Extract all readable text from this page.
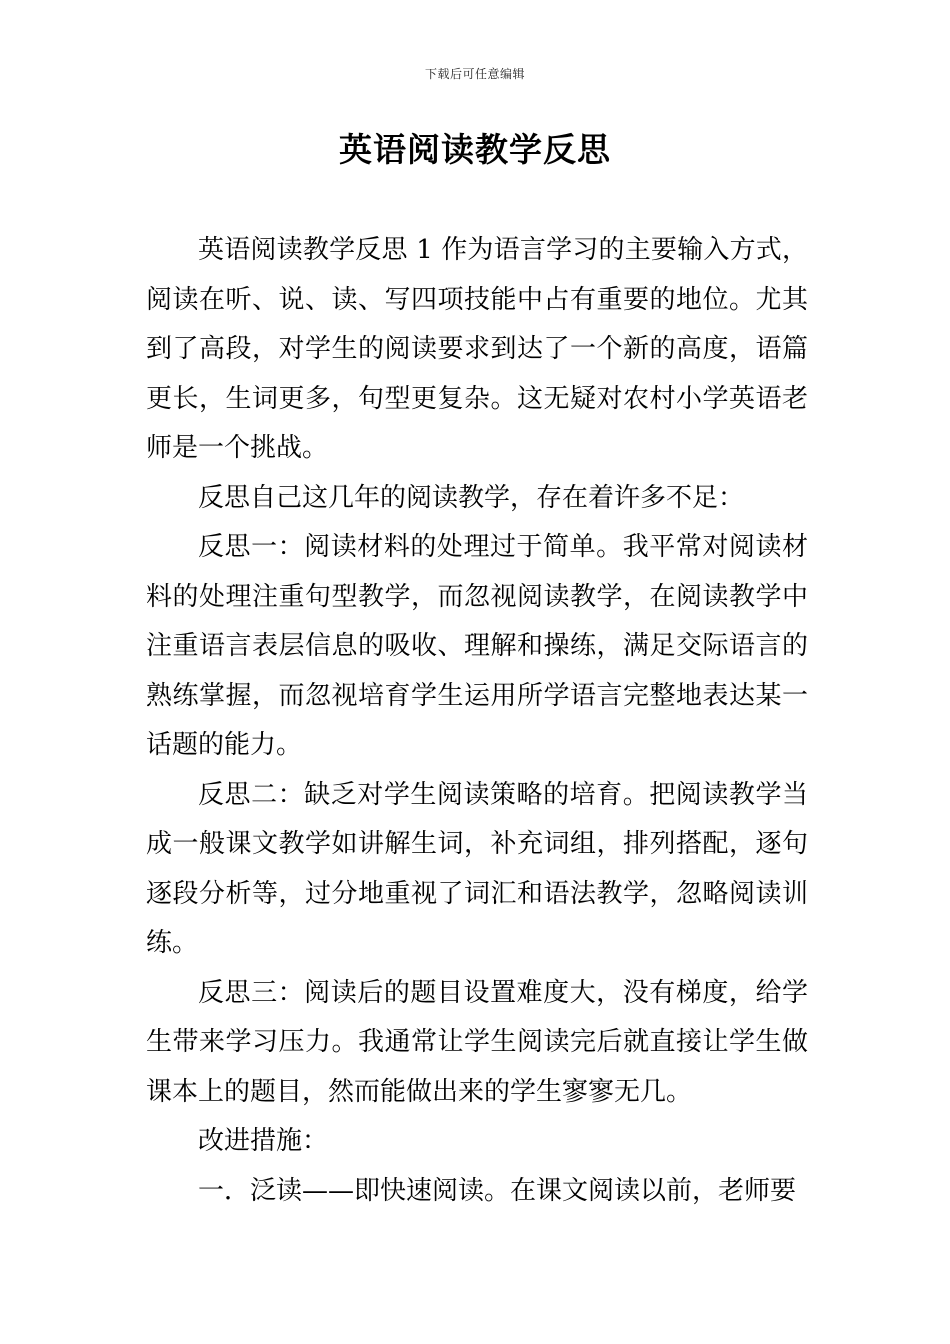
下载后可任意编辑
英语阅读教学反思

英语阅读教学反思 1 作为语言学习的主要输入方式，阅读在听、说、读、写四项技能中占有重要的地位。尤其到了高段，对学生的阅读要求到达了一个新的高度，语篇更长，生词更多，句型更复杂。这无疑对农村小学英语老师是一个挑战。

反思自己这几年的阅读教学，存在着许多不足：

反思一：阅读材料的处理过于简单。我平常对阅读材料的处理注重句型教学，而忽视阅读教学，在阅读教学中注重语言表层信息的吸收、理解和操练，满足交际语言的熟练掌握，而忽视培育学生运用所学语言完整地表达某一话题的能力。

反思二：缺乏对学生阅读策略的培育。把阅读教学当成一般课文教学如讲解生词，补充词组，排列搭配，逐句逐段分析等，过分地重视了词汇和语法教学，忽略阅读训练。

反思三：阅读后的题目设置难度大，没有梯度，给学生带来学习压力。我通常让学生阅读完后就直接让学生做课本上的题目，然而能做出来的学生寥寥无几。

改进措施：

一．泛读——即快速阅读。在课文阅读以前，老师要
